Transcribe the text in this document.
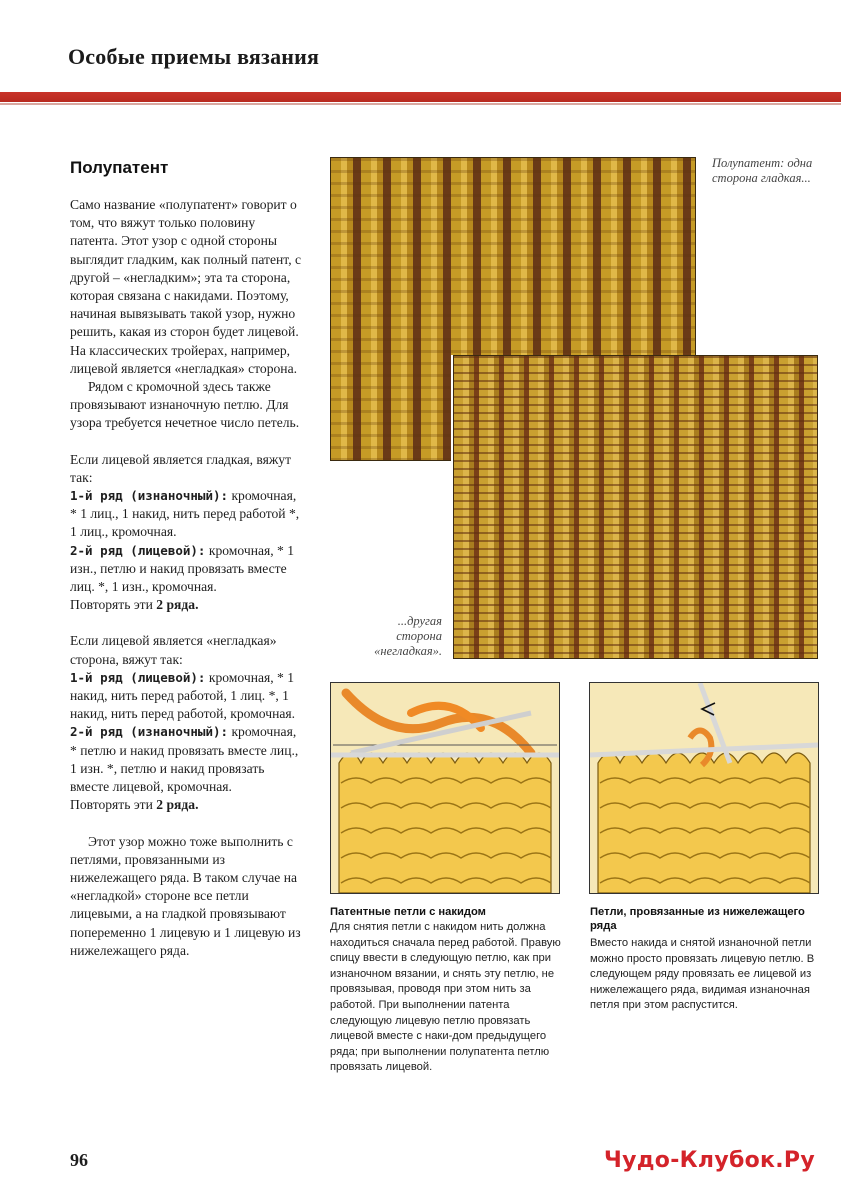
Особые приемы вязания
Полупатент

Само название «полупатент» говорит о том, что вяжут только половину патента. Этот узор с одной стороны выглядит гладким, как полный патент, с другой – «негладким»; эта та сторона, которая связана с накидами. Поэтому, начиная вывязывать такой узор, нужно решить, какая из сторон будет лицевой. На классических тройерах, например, лицевой является «негладкая» сторона.

Рядом с кромочной здесь также провязывают изнаночную петлю. Для узора требуется нечетное число петель.

Если лицевой является гладкая, вяжут так:

1-й ряд (изнаночный): кромочная, * 1 лиц., 1 накид, нить перед работой *, 1 лиц., кромочная.

2-й ряд (лицевой): кромочная, * 1 изн., петлю и накид провязать вместе лиц. *, 1 изн., кромочная.

Повторять эти 2 ряда.

Если лицевой является «негладкая» сторона, вяжут так:

1-й ряд (лицевой): кромочная, * 1 накид, нить перед работой, 1 лиц. *, 1 накид, нить перед работой, кромочная.

2-й ряд (изнаночный): кромочная, * петлю и накид провязать вместе лиц., 1 изн. *, петлю и накид провязать вместе лицевой, кромочная.

Повторять эти 2 ряда.

Этот узор можно тоже выполнить с петлями, провязанными из нижележащего ряда. В таком случае на «негладкой» стороне все петли лицевыми, а на гладкой провязывают попеременно 1 лицевую и 1 лицевую из нижележащего ряда.

Полупатент: одна сторона гладкая...
...другая сторона «негладкая».
Патентные петли с накидом
Для снятия петли с накидом нить должна находиться сначала перед работой. Правую спицу ввести в следующую петлю, как при изнаночном вязании, и снять эту петлю, не провязывая, проводя при этом нить за работой. При выполнении патента следующую лицевую петлю провязать лицевой вместе с наки-дом предыдущего ряда; при выполнении полупатента петлю провязать лицевой.
Петли, провязанные из нижележащего ряда
Вместо накида и снятой изнаночной петли можно просто провязать лицевую петлю. В следующем ряду провязать ее лицевой из нижележащего ряда, видимая изнаночная петля при этом распустится.
96	Чудо-Клубок.Ру
